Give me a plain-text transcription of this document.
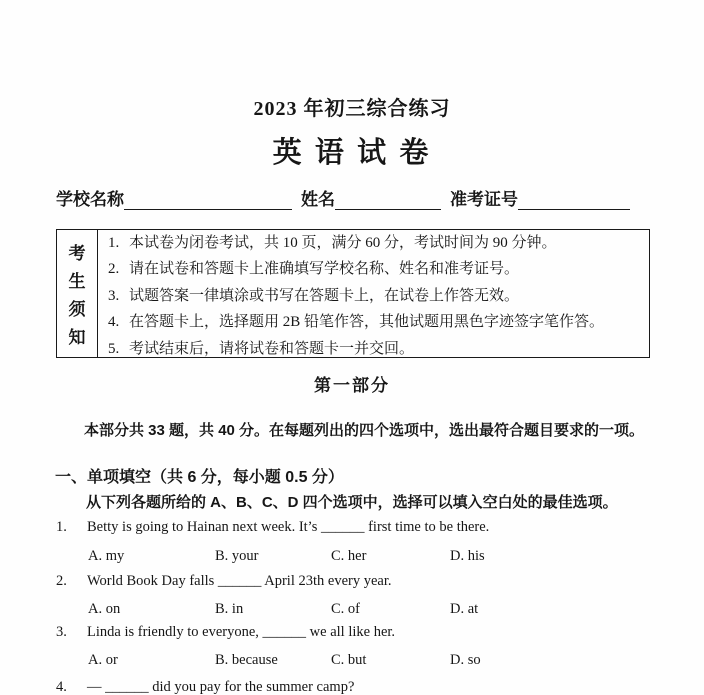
2023 年初三综合练习
英 语 试 卷
学校名称	姓名	准考证号
考
生
须
知
1. 本试卷为闭卷考试，共 10 页，满分 60 分，考试时间为 90 分钟。
2. 请在试卷和答题卡上准确填写学校名称、姓名和准考证号。
3. 试题答案一律填涂或书写在答题卡上，在试卷上作答无效。
4. 在答题卡上，选择题用 2B 铅笔作答，其他试题用黑色字迹签字笔作答。
5. 考试结束后，请将试卷和答题卡一并交回。
第一部分
本部分共 33 题，共 40 分。在每题列出的四个选项中，选出最符合题目要求的一项。
一、单项填空（共 6 分，每小题 0.5 分）
从下列各题所给的 A、B、C、D 四个选项中，选择可以填入空白处的最佳选项。
1.	Betty is going to Hainan next week. It’s ______ first time to be there.
A. my	B. your	C. her	D. his
2.	World Book Day falls ______ April 23th every year.
A. on	B. in	C. of	D. at
3.	Linda is friendly to everyone, ______ we all like her.
A. or	B. because	C. but	D. so
4.	— ______ did you pay for the summer camp?
